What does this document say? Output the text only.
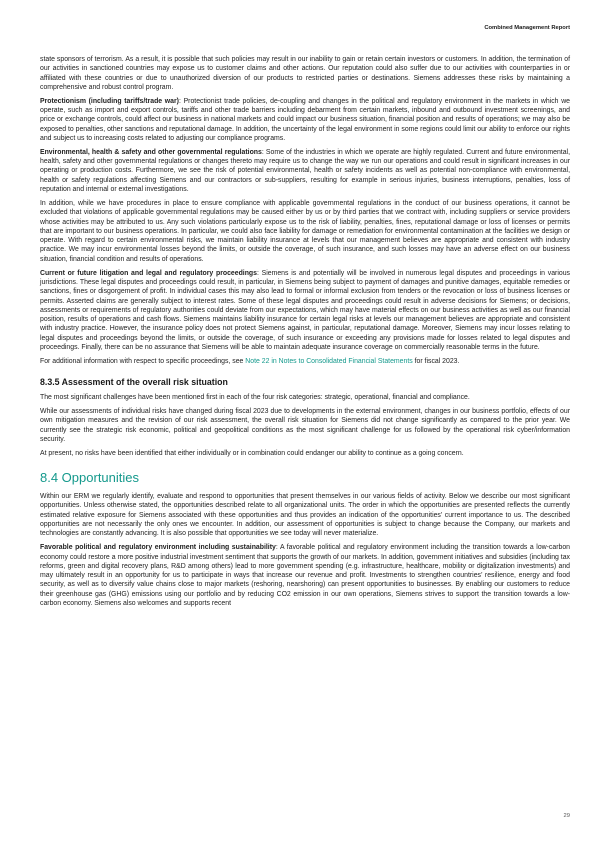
Combined Management Report

state sponsors of terrorism. As a result, it is possible that such policies may result in our inability to gain or retain certain investors or customers. In addition, the termination of our activities in sanctioned countries may expose us to customer claims and other actions. Our reputation could also suffer due to our activities with counterparties in or affiliated with these countries or due to unauthorized diversion of our products to restricted parties or destinations. Siemens addresses these risks by maintaining a comprehensive and robust control program.

Protectionism (including tariffs/trade war): Protectionist trade policies, de-coupling and changes in the political and regulatory environment in the markets in which we operate, such as import and export controls, tariffs and other trade barriers including debarment from certain markets, inbound and outbound investment screenings, and price or exchange controls, could affect our business in national markets and could impact our business situation, financial position and results of operations; we may also be exposed to penalties, other sanctions and reputational damage. In addition, the uncertainty of the legal environment in some regions could limit our ability to enforce our rights and subject us to increasing costs related to adjusting our compliance programs.

Environmental, health & safety and other governmental regulations: Some of the industries in which we operate are highly regulated. Current and future environmental, health, safety and other governmental regulations or changes thereto may require us to change the way we run our operations and could result in significant increases in our operating or production costs. Furthermore, we see the risk of potential environmental, health or safety incidents as well as potential non-compliance with environmental, health or safety regulations affecting Siemens and our contractors or sub-suppliers, resulting for example in serious injuries, business interruptions, penalties, loss of reputation and internal or external investigations.

In addition, while we have procedures in place to ensure compliance with applicable governmental regulations in the conduct of our business operations, it cannot be excluded that violations of applicable governmental regulations may be caused either by us or by third parties that we contract with, including suppliers or service providers whose activities may be attributed to us. Any such violations particularly expose us to the risk of liability, penalties, fines, reputational damage or loss of licenses or permits that are important to our business operations. In particular, we could also face liability for damage or remediation for environmental contamination at the facilities we design or operate. With regard to certain environmental risks, we maintain liability insurance at levels that our management believes are appropriate and consistent with industry practice. We may incur environmental losses beyond the limits, or outside the coverage, of such insurance, and such losses may have an adverse effect on our business situation, financial condition and results of operations.

Current or future litigation and legal and regulatory proceedings: Siemens is and potentially will be involved in numerous legal disputes and proceedings in various jurisdictions. These legal disputes and proceedings could result, in particular, in Siemens being subject to payment of damages and punitive damages, equitable remedies or sanctions, fines or disgorgement of profit. In individual cases this may also lead to formal or informal exclusion from tenders or the revocation or loss of business licenses or permits. Asserted claims are generally subject to interest rates. Some of these legal disputes and proceedings could result in adverse decisions for Siemens; or decisions, assessments or requirements of regulatory authorities could deviate from our expectations, which may have material effects on our business activities as well as our financial position, results of operations and cash flows. Siemens maintains liability insurance for certain legal risks at levels our management believes are appropriate and consistent with industry practice. However, the insurance policy does not protect Siemens against, in particular, reputational damage. Moreover, Siemens may incur losses relating to legal disputes and proceedings beyond the limits, or outside the coverage, of such insurance or exceeding any provisions made for losses related to legal disputes and proceedings. Finally, there can be no assurance that Siemens will be able to maintain adequate insurance coverage on commercially reasonable terms in the future.

For additional information with respect to specific proceedings, see Note 22 in Notes to Consolidated Financial Statements for fiscal 2023.

8.3.5 Assessment of the overall risk situation

The most significant challenges have been mentioned first in each of the four risk categories: strategic, operational, financial and compliance.

While our assessments of individual risks have changed during fiscal 2023 due to developments in the external environment, changes in our business portfolio, effects of our own mitigation measures and the revision of our risk assessment, the overall risk situation for Siemens did not change significantly as compared to the prior year. We currently see the strategic risk economic, political and geopolitical conditions as the most significant challenge for us followed by the operational risk cyber/information security.

At present, no risks have been identified that either individually or in combination could endanger our ability to continue as a going concern.

8.4 Opportunities

Within our ERM we regularly identify, evaluate and respond to opportunities that present themselves in our various fields of activity. Below we describe our most significant opportunities. Unless otherwise stated, the opportunities described relate to all organizational units. The order in which the opportunities are presented reflects the currently estimated relative exposure for Siemens associated with these opportunities and thus provides an indication of the opportunities’ current importance to us. The described opportunities are not necessarily the only ones we encounter. In addition, our assessment of opportunities is subject to change because the Company, our markets and technologies are constantly advancing. It is also possible that opportunities we see today will never materialize.

Favorable political and regulatory environment including sustainability: A favorable political and regulatory environment including the transition towards a low-carbon economy could restore a more positive industrial investment sentiment that supports the growth of our markets. In addition, government initiatives and subsidies (including tax reforms, green and digital recovery plans, R&D among others) lead to more government spending (e.g. infrastructure, healthcare, mobility or digitalization investments) and may ultimately result in an opportunity for us to participate in ways that increase our revenue and profit. Investments to strengthen countries’ resilience, energy and food security, as well as to diversify value chains close to major markets (reshoring, nearshoring) can present opportunities to businesses. By enabling our customers to reduce their greenhouse gas (GHG) emissions using our portfolio and by reducing CO2 emission in our own operations, Siemens strives to support the transition towards a low-carbon economy. Siemens also welcomes and supports recent

29
